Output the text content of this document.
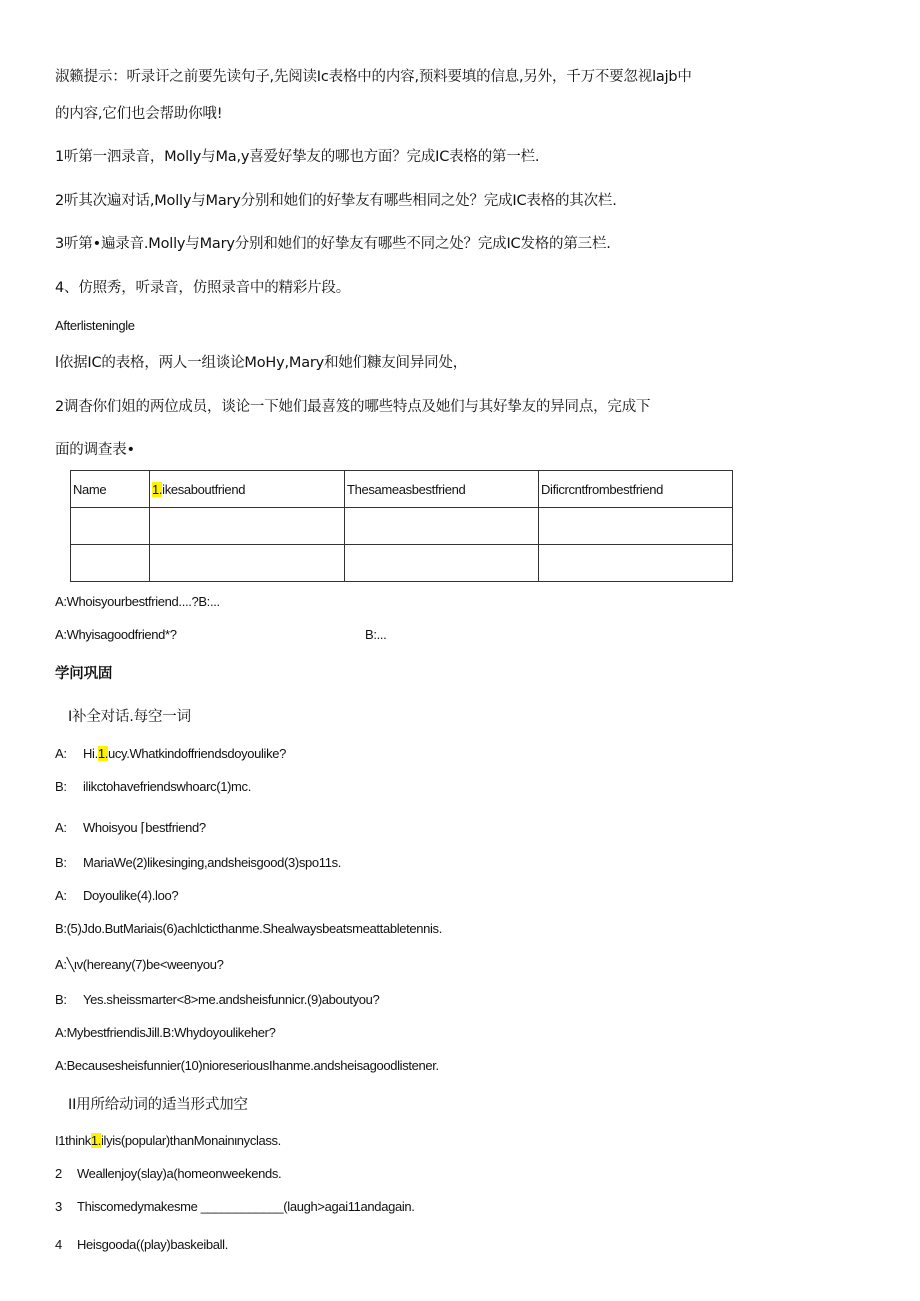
淑籁提示：听录讦之前要先读句子,先阅读Ic表格中的内容,预料要填的信息,另外，千万不要忽视lajb中
的内容,它们也会帮助你哦!
1听第一泗录音，Molly与Ma,y喜爱好挚友的哪也方面？完成IC表格的第一栏.
2听其次遍对话,Molly与Mary分别和她们的好挚友有哪些相同之处？完成IC表格的其次栏.
3听第•遍录音.Molly与Mary分别和她们的好挚友有哪些不同之处？完成IC发格的第三栏.
4、仿照秀，听录音，仿照录音中的精彩片段。
Afterlisteningle
l依据IC的表格，两人一组谈论MoHy,Mary和她们糠友间异同处，
2调杳你们姐的两位成员，谈论一下她们最喜笈的哪些特点及她们与其好挚友的异同点，完成下
面的调查表•
Name	1.ikesaboutfriend	Thesameasbestfriend	Dificrcntfrombestfriend

A:Whoisyourbestfriend....?B:...
A:Whyisagoodfriend*?	B:...
学问巩固
I补全对话.每空一词
A: Hi.1.ucy.Whatkindoffriendsdoyoulike?
B: ilikctohavefriendswhoarc(1)mc.
A: Whoisyou ⌈bestfriend?
B: MariaWe(2)likesinging,andsheisgood(3)spo11s.
A: Doyoulike(4).loo?
B:(5)Jdo.ButMariais(6)achlcticthanme.Shealwaysbeatsmeattabletennis.
A:╲ιv(hereany(7)be<weenyou?
B: Yes.sheissmarter<8>me.andsheisfunnicr.(9)aboutyou?
A:MybestfriendisJill.B:Whydoyoulikeher?
A:Becausesheisfunnier(10)nioreseriousIhanme.andsheisagoodlistener.
II用所给动词的适当形式加空
I1think1.ilyis(popular)thanMonainιnyclass.
2 Weallenjoy(slay)a(homeonweekends.
3 Thiscomedymakesme ____________(laugh>agai11andagain.
4 Heisgooda((play)baskeiball.
